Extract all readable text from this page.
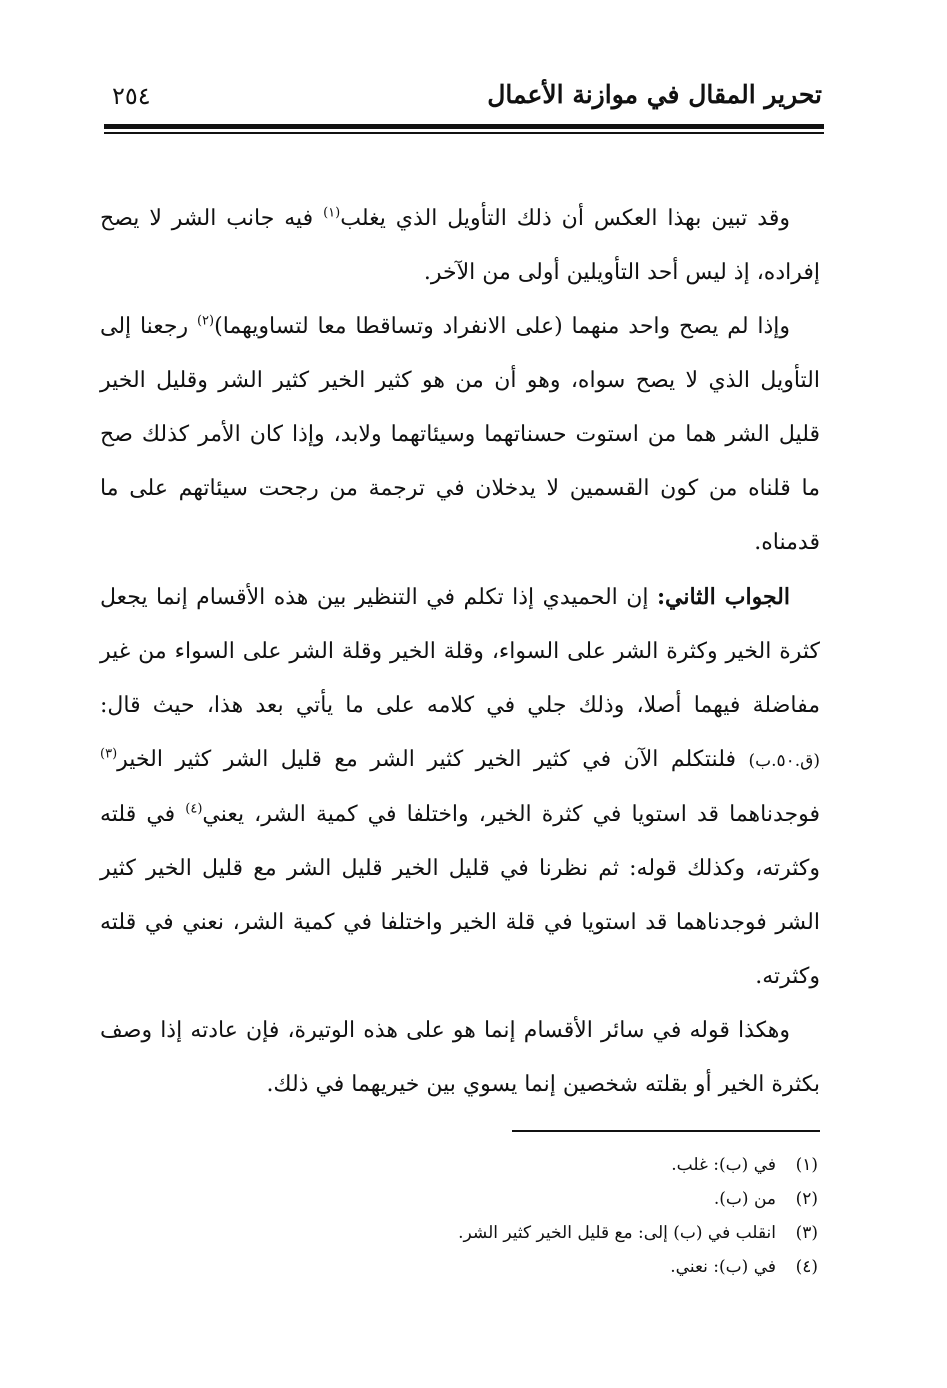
تحرير المقال في موازنة الأعمال
٢٥٤

وقد تبين بهذا العكس أن ذلك التأويل الذي يغلب$^{(١)}$ فيه جانب الشر لا يصح إفراده، إذ ليس أحد التأويلين أولى من الآخر.

وإذا لم يصح واحد منهما (على الانفراد وتساقطا معا لتساويهما)$^{(٢)}$ رجعنا إلى التأويل الذي لا يصح سواه، وهو أن من هو كثير الخير كثير الشر وقليل الخير قليل الشر هما من استوت حسناتهما وسيئاتهما ولابد، وإذا كان الأمر كذلك صح ما قلناه من كون القسمين لا يدخلان في ترجمة من رجحت سيئاتهم على ما قدمناه.

الجواب الثاني: إن الحميدي إذا تكلم في التنظير بين هذه الأقسام إنما يجعل كثرة الخير وكثرة الشر على السواء، وقلة الخير وقلة الشر على السواء من غير مفاضلة فيهما أصلا، وذلك جلي في كلامه على ما يأتي بعد هذا، حيث قال: (ق.٥٠.ب) فلنتكلم الآن في كثير الخير كثير الشر مع قليل الشر كثير الخير$^{(٣)}$ فوجدناهما قد استويا في كثرة الخير، واختلفا في كمية الشر، يعني$^{(٤)}$ في قلته وكثرته، وكذلك قوله: ثم نظرنا في قليل الخير قليل الشر مع قليل الخير كثير الشر فوجدناهما قد استويا في قلة الخير واختلفا في كمية الشر، نعني في قلته وكثرته.

وهكذا قوله في سائر الأقسام إنما هو على هذه الوتيرة، فإن عادته إذا وصف بكثرة الخير أو بقلته شخصين إنما يسوي بين خيريهما في ذلك.

(١)في (ب): غلب.
(٢)من (ب).
(٣)انقلب في (ب) إلى: مع قليل الخير كثير الشر.
(٤)في (ب): نعني.
